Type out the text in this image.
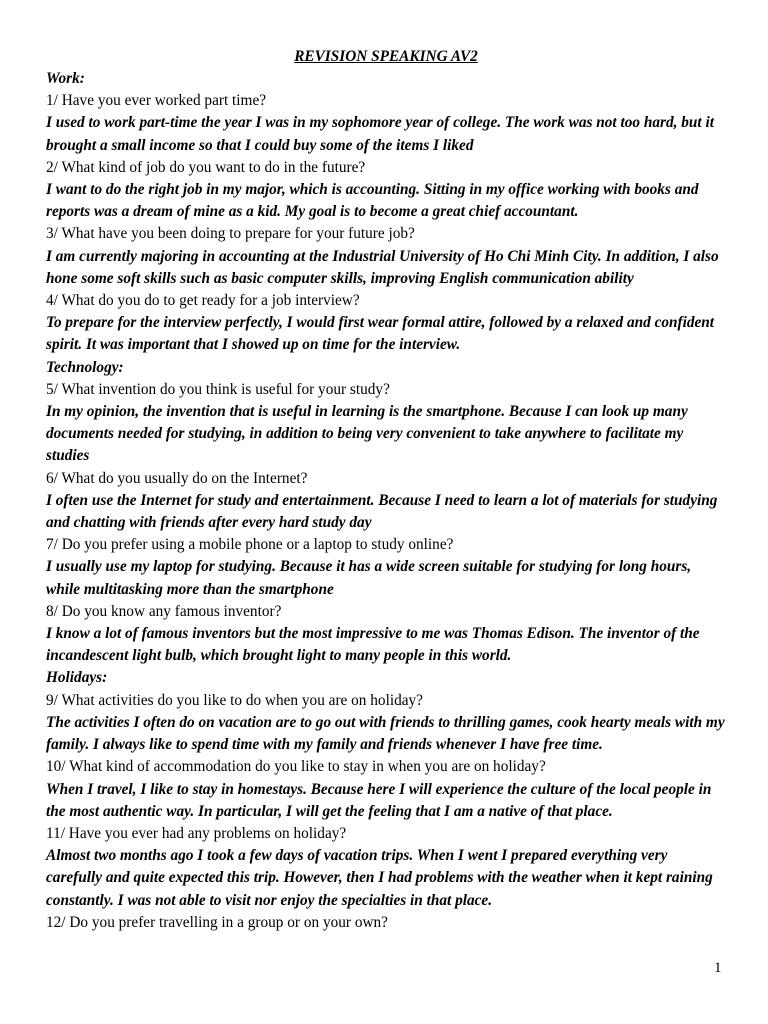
REVISION SPEAKING AV2
Work:
1/ Have you ever worked part time?
I used to work part-time the year I was in my sophomore year of college. The work was not too hard, but it brought a small income so that I could buy some of the items I liked
2/ What kind of job do you want to do in the future?
I want to do the right job in my major, which is accounting. Sitting in my office working with books and reports was a dream of mine as a kid. My goal is to become a great chief accountant.
3/ What have you been doing to prepare for your future job?
I am currently majoring in accounting at the Industrial University of Ho Chi Minh City. In addition, I also hone some soft skills such as basic computer skills, improving English communication ability
4/ What do you do to get ready for a job interview?
To prepare for the interview perfectly, I would first wear formal attire, followed by a relaxed and confident spirit. It was important that I showed up on time for the interview.
Technology:
5/ What invention do you think is useful for your study?
In my opinion, the invention that is useful in learning is the smartphone. Because I can look up many documents needed for studying, in addition to being very convenient to take anywhere to facilitate my studies
6/ What do you usually do on the Internet?
I often use the Internet for study and entertainment. Because I need to learn a lot of materials for studying and chatting with friends after every hard study day
7/ Do you prefer using a mobile phone or a laptop to study online?
I usually use my laptop for studying. Because it has a wide screen suitable for studying for long hours, while multitasking more than the smartphone
8/ Do you know any famous inventor?
I know a lot of famous inventors but the most impressive to me was Thomas Edison. The inventor of the incandescent light bulb, which brought light to many people in this world.
Holidays:
9/ What activities do you like to do when you are on holiday?
The activities I often do on vacation are to go out with friends to thrilling games, cook hearty meals with my family. I always like to spend time with my family and friends whenever I have free time.
10/ What kind of accommodation do you like to stay in when you are on holiday?
When I travel, I like to stay in homestays. Because here I will experience the culture of the local people in the most authentic way. In particular, I will get the feeling that I am a native of that place.
11/ Have you ever had any problems on holiday?
Almost two months ago I took a few days of vacation trips. When I went I prepared everything very carefully and quite expected this trip. However, then I had problems with the weather when it kept raining constantly. I was not able to visit nor enjoy the specialties in that place.
12/ Do you prefer travelling in a group or on your own?
1
